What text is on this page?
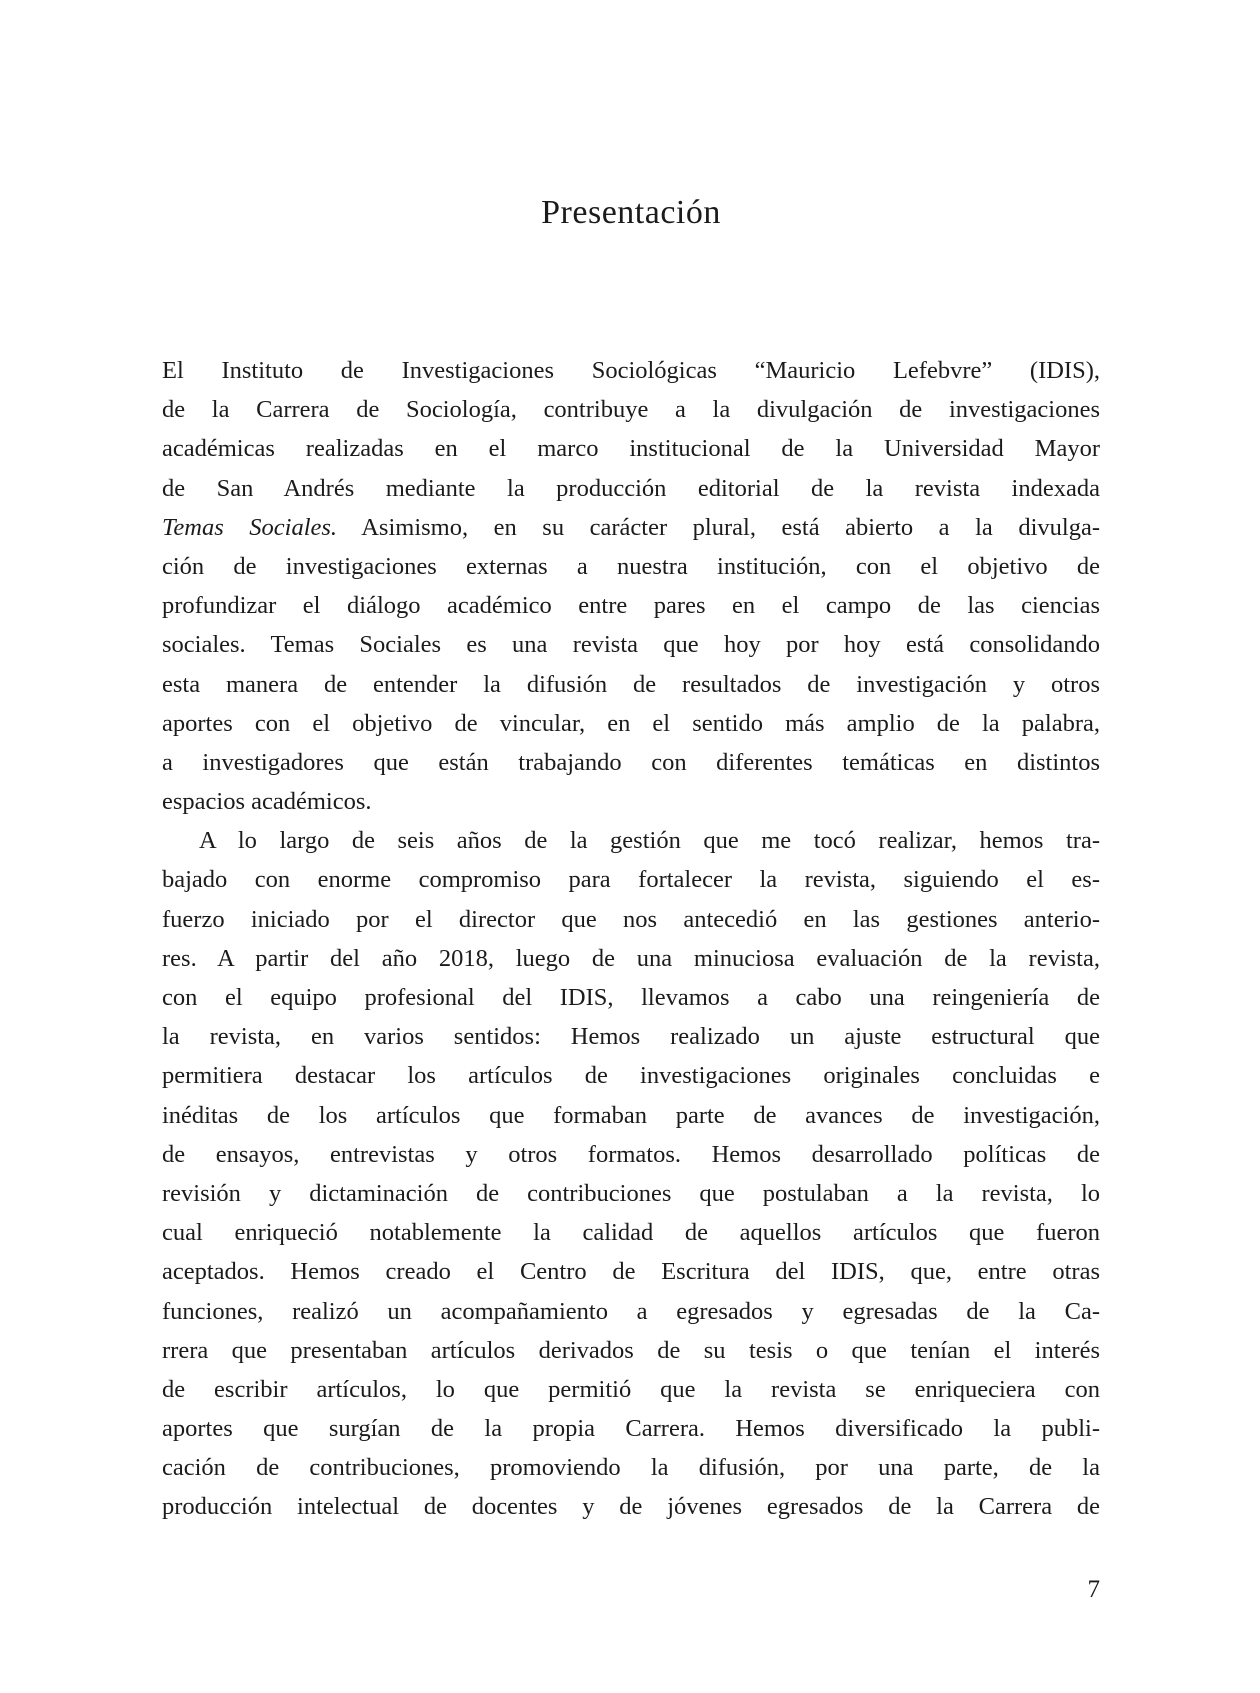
Presentación
El Instituto de Investigaciones Sociológicas “Mauricio Lefebvre” (IDIS),
de la Carrera de Sociología, contribuye a la divulgación de investigaciones
académicas realizadas en el marco institucional de la Universidad Mayor
de San Andrés mediante la producción editorial de la revista indexada
Temas Sociales. Asimismo, en su carácter plural, está abierto a la divulga-
ción de investigaciones externas a nuestra institución, con el objetivo de
profundizar el diálogo académico entre pares en el campo de las ciencias
sociales. Temas Sociales es una revista que hoy por hoy está consolidando
esta manera de entender la difusión de resultados de investigación y otros
aportes con el objetivo de vincular, en el sentido más amplio de la palabra,
a investigadores que están trabajando con diferentes temáticas en distintos
espacios académicos.
A lo largo de seis años de la gestión que me tocó realizar, hemos tra-
bajado con enorme compromiso para fortalecer la revista, siguiendo el es-
fuerzo iniciado por el director que nos antecedió en las gestiones anterio-
res. A partir del año 2018, luego de una minuciosa evaluación de la revista,
con el equipo profesional del IDIS, llevamos a cabo una reingeniería de
la revista, en varios sentidos: Hemos realizado un ajuste estructural que
permitiera destacar los artículos de investigaciones originales concluidas e
inéditas de los artículos que formaban parte de avances de investigación,
de ensayos, entrevistas y otros formatos. Hemos desarrollado políticas de
revisión y dictaminación de contribuciones que postulaban a la revista, lo
cual enriqueció notablemente la calidad de aquellos artículos que fueron
aceptados. Hemos creado el Centro de Escritura del IDIS, que, entre otras
funciones, realizó un acompañamiento a egresados y egresadas de la Ca-
rrera que presentaban artículos derivados de su tesis o que tenían el interés
de escribir artículos, lo que permitió que la revista se enriqueciera con
aportes que surgían de la propia Carrera. Hemos diversificado la publi-
cación de contribuciones, promoviendo la difusión, por una parte, de la
producción intelectual de docentes y de jóvenes egresados de la Carrera de
7
